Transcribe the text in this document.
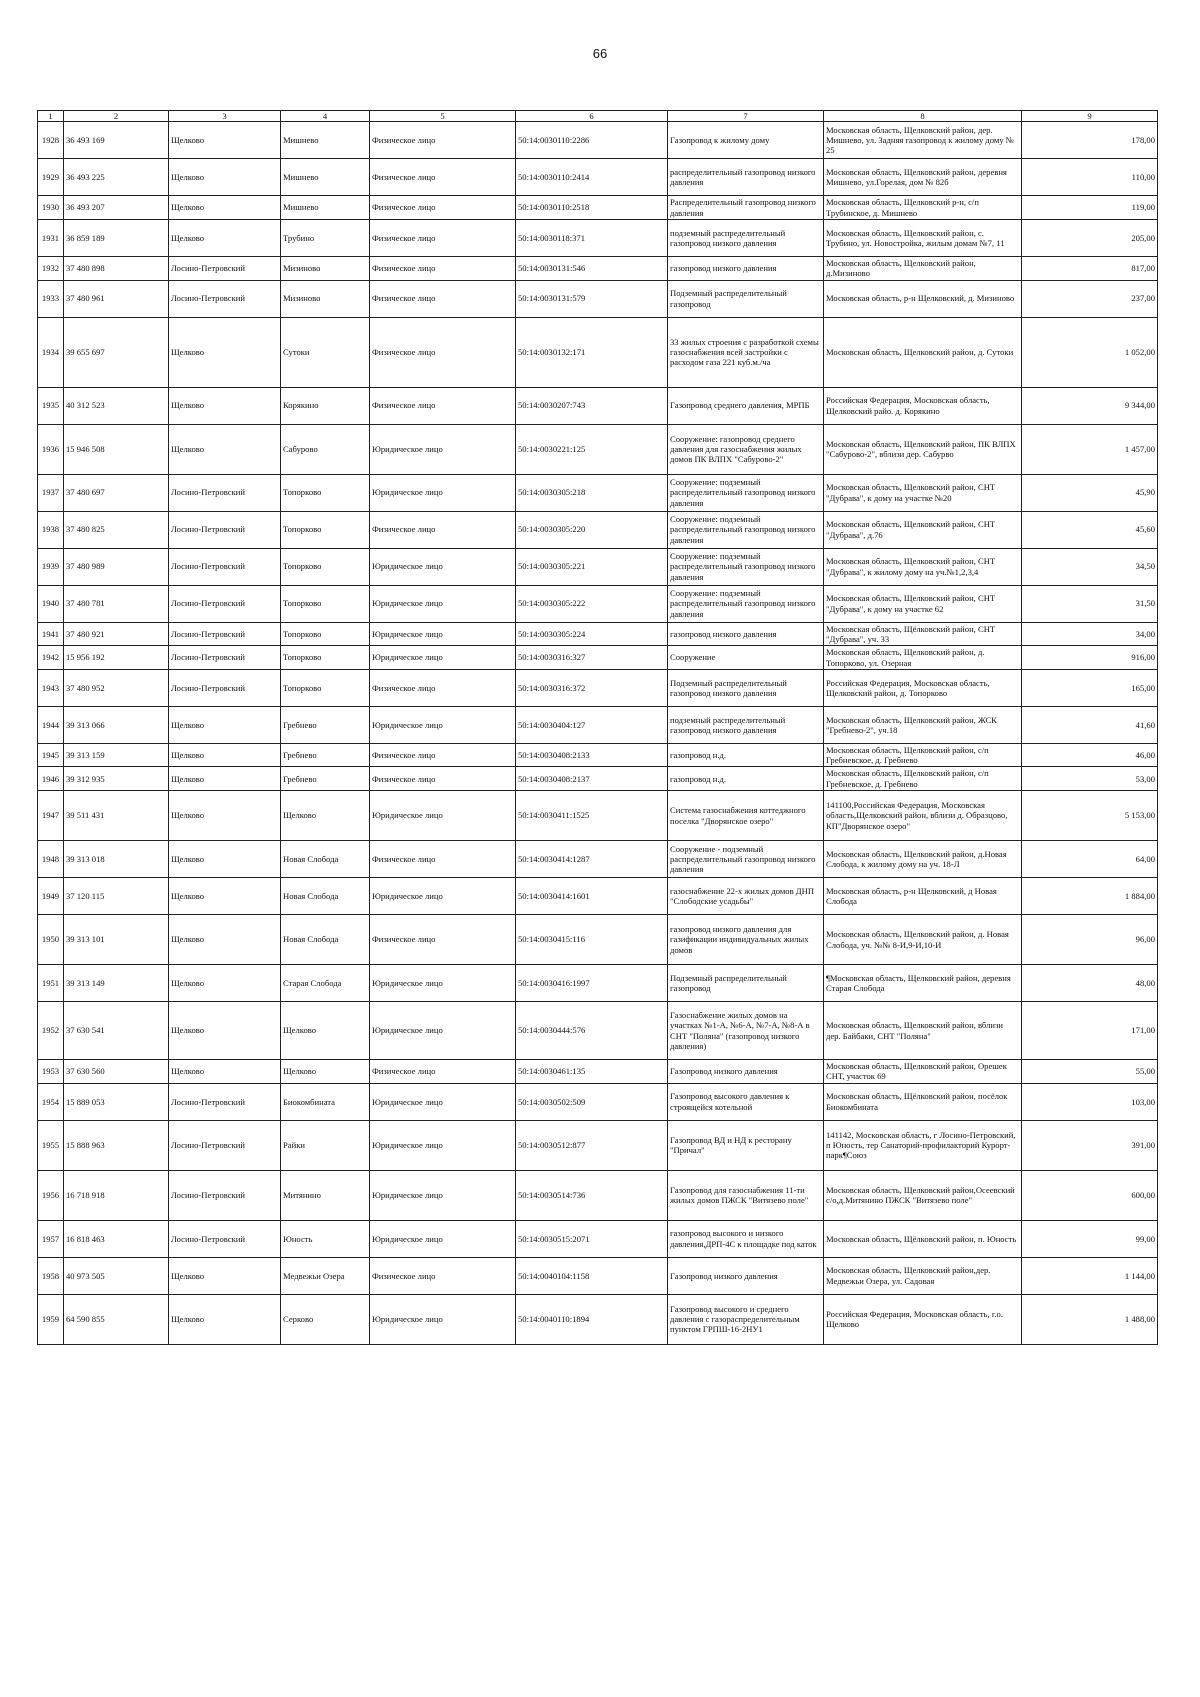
66
1	2	3	4	5	6	7	8	9
1928	36 493 169	Щелково	Мишнево	Физическое лицо	50:14:0030110:2286	Газопровод к жилому дому	Московская область, Щелковский район, дер. Мишнево, ул. Задняя газопровод к жилому дому № 25	178,00
1929	36 493 225	Щелково	Мишнево	Физическое лицо	50:14:0030110:2414	распределительный газопровод низкого давления	Московская область, Щелковский район, деревня Мишнево, ул.Горелая, дом № 82б	110,00
1930	36 493 207	Щелково	Мишнево	Физическое лицо	50:14:0030110:2518	Распределительный газопровод низкого давления	Московская область, Щелковский р-н, с/п Трубинское, д. Мишнево	119,00
1931	36 859 189	Щелково	Трубино	Физическое лицо	50:14:0030118:371	подземный распределительный газопровод низкого давления	Московская область, Щелковский район, с. Трубино, ул. Новостройка, жилым домам №7, 11	205,00
1932	37 480 898	Лосино-Петровский	Мизиново	Физическое лицо	50:14:0030131:546	газопровод низкого давления	Московская область, Щелковский район, д.Мизиново	817,00
1933	37 480 961	Лосино-Петровский	Мизиново	Физическое лицо	50:14:0030131:579	Подземный распределительный газопровод	Московская область, р-н Щелковский, д. Мизиново	237,00
1934	39 655 697	Щелково	Сутоки	Физическое лицо	50:14:0030132:171	33 жилых строения с разработкой схемы газоснабжения всей застройки с расходом газа 221 куб.м./ча	Московская область, Щелковский район, д. Сутоки	1 052,00
1935	40 312 523	Щелково	Корякино	Физическое лицо	50:14:0030207:743	Газопровод среднего давления, МРПБ	Российская Федерация, Московская область, Щелковский райо. д. Корякино	9 344,00
1936	15 946 508	Щелково	Сабурово	Юридическое лицо	50:14:0030221:125	Сооружение: газопровод среднего давления для газоснабжения жилых домов ПК ВЛПХ "Сабурово-2"	Московская область, Щелковский район, ПК ВЛПХ "Сабурово-2", вблизи дер. Сабурво	1 457,00
1937	37 480 697	Лосино-Петровский	Топорково	Юридическое лицо	50:14:0030305:218	Сооружение: подземный распределительный газопровод низкого давления	Московская область, Щелковский район, СНТ "Дубрава", к дому на участке №20	45,90
1938	37 480 825	Лосино-Петровский	Топорково	Физическое лицо	50:14:0030305:220	Сооружение: подземный распределительный газопровод низкого давления	Московская область, Щелковский район, СНТ "Дубрава", д.76	45,60
1939	37 480 989	Лосино-Петровский	Топорково	Юридическое лицо	50:14:0030305:221	Сооружение: подземный распределительный газопровод низкого давления	Московская область, Щелковский район, СНТ "Дубрава", к жилому дому на уч.№1,2,3,4	34,50
1940	37 480 781	Лосино-Петровский	Топорково	Юридическое лицо	50:14:0030305:222	Сооружение: подземный распределительный газопровод низкого давления	Московская область, Щелковский район, СНТ "Дубрава", к дому на участке 62	31,50
1941	37 480 921	Лосино-Петровский	Топорково	Юридическое лицо	50:14:0030305:224	газопровод низкого давления	Московская область, Щёлковский район, СНТ "Дубрава", уч. 33	34,00
1942	15 956 192	Лосино-Петровский	Топорково	Юридическое лицо	50:14:0030316:327	Сооружение	Московская область, Щелковский район, д. Топорково, ул. Озерная	916,00
1943	37 480 952	Лосино-Петровский	Топорково	Физическое лицо	50:14:0030316:372	Подземный распределительный газопровод низкого давления	Российская Федерация, Московская область, Щелковский район, д. Топорково	165,00
1944	39 313 066	Щелково	Гребнево	Юридическое лицо	50:14:0030404:127	подземный распределительный газопровод низкого давления	Московская область, Щелковский район, ЖСК "Гребнево-2", уч.18	41,60
1945	39 313 159	Щелково	Гребнево	Физическое лицо	50:14:0030408:2133	газопровод н.д.	Московская область, Щелковский район, с/п Гребневское, д. Гребнево	46,00
1946	39 312 935	Щелково	Гребнево	Физическое лицо	50:14:0030408:2137	газопровод н.д.	Московская область, Щелковский район, с/п Гребневское, д. Гребнево	53,00
1947	39 511 431	Щелково	Щелково	Юридическое лицо	50:14:0030411:1525	Система газоснабжения коттеджного поселка "Дворянское озеро"	141100,Российская Федерация, Московская область,Щелковский район, вблизи д. Образцово, КП"Дворянское озеро"	5 153,00
1948	39 313 018	Щелково	Новая Слобода	Физическое лицо	50:14:0030414:1287	Сооружение - подземный распределительный газопровод низкого давления	Московская область, Щелковский район, д.Новая Слобода, к жилому дому на уч. 18-Л	64,00
1949	37 120 115	Щелково	Новая Слобода	Юридическое лицо	50:14:0030414:1601	газоснабжение 22-х жилых домов ДНП "Слободские усадьбы"	Московская область, р-н Щелковский, д Новая Слобода	1 884,00
1950	39 313 101	Щелково	Новая Слобода	Физическое лицо	50:14:0030415:116	газопровод низкого давления для газификации индивидуальных жилых домов	Московская область, Щелковский район, д. Новая Слобода, уч. №№ 8-И,9-И,10-И	96,00
1951	39 313 149	Щелково	Старая Слобода	Юридическое лицо	50:14:0030416:1997	Подземный распределительный газопровод	¶Московская область, Щелковский район, деревня Старая Слобода	48,00
1952	37 630 541	Щелково	Щелково	Юридическое лицо	50:14:0030444:576	Газоснабжение жилых домов на участках №1-А, №6-А, №7-А, №8-А в СНТ "Поляна" (газопровод низкого давления)	Московская область, Щелковский район, вблизи дер. Байбаки, СНТ "Поляна"	171,00
1953	37 630 560	Щелково	Щелково	Физическое лицо	50:14:0030461:135	Газопровод низкого давления	Московская область, Щелковский район, Орешек СНТ, участок 69	55,00
1954	15 889 053	Лосино-Петровский	Биокомбината	Юридическое лицо	50:14:0030502:509	Газопровод высокого давления к строящейся котельной	Московская область, Щёлковский район, посёлок Биокомбината	103,00
1955	15 888 963	Лосино-Петровский	Райки	Юридическое лицо	50:14:0030512:877	Газопровод ВД и НД к ресторану "Причал"	141142, Московская область, г Лосино-Петровский, п Юность, тер Санаторий-профилакторий Курорт-парк¶Союз	391,00
1956	16 718 918	Лосино-Петровский	Митянино	Юридическое лицо	50:14:0030514:736	Газопровод для газоснабжения 11-ти жилых домов ПЖСК "Витязево поле"	Московская область, Щелковский район,Осеевский с/о,д.Митянино ПЖСК "Витязево поле"	600,00
1957	16 818 463	Лосино-Петровский	Юность	Юридическое лицо	50:14:0030515:2071	газопровод высокого и низкого давления,ДРП-4С к площадке под каток	Московская область, Щёлковский район, п. Юность	99,00
1958	40 973 505	Щелково	Медвежьи Озера	Физическое лицо	50:14:0040104:1158	Газопровод низкого давления	Московская область, Щелковский район,дер. Медвежьи Озера, ул. Садовая	1 144,00
1959	64 590 855	Щелково	Серково	Юридическое лицо	50:14:0040110:1894	Газопровод высокого и среднего давления с газораспределительным пунктом ГРПШ-16-2НУ1	Российская Федерация, Московская область, г.о. Щелково	1 488,00
